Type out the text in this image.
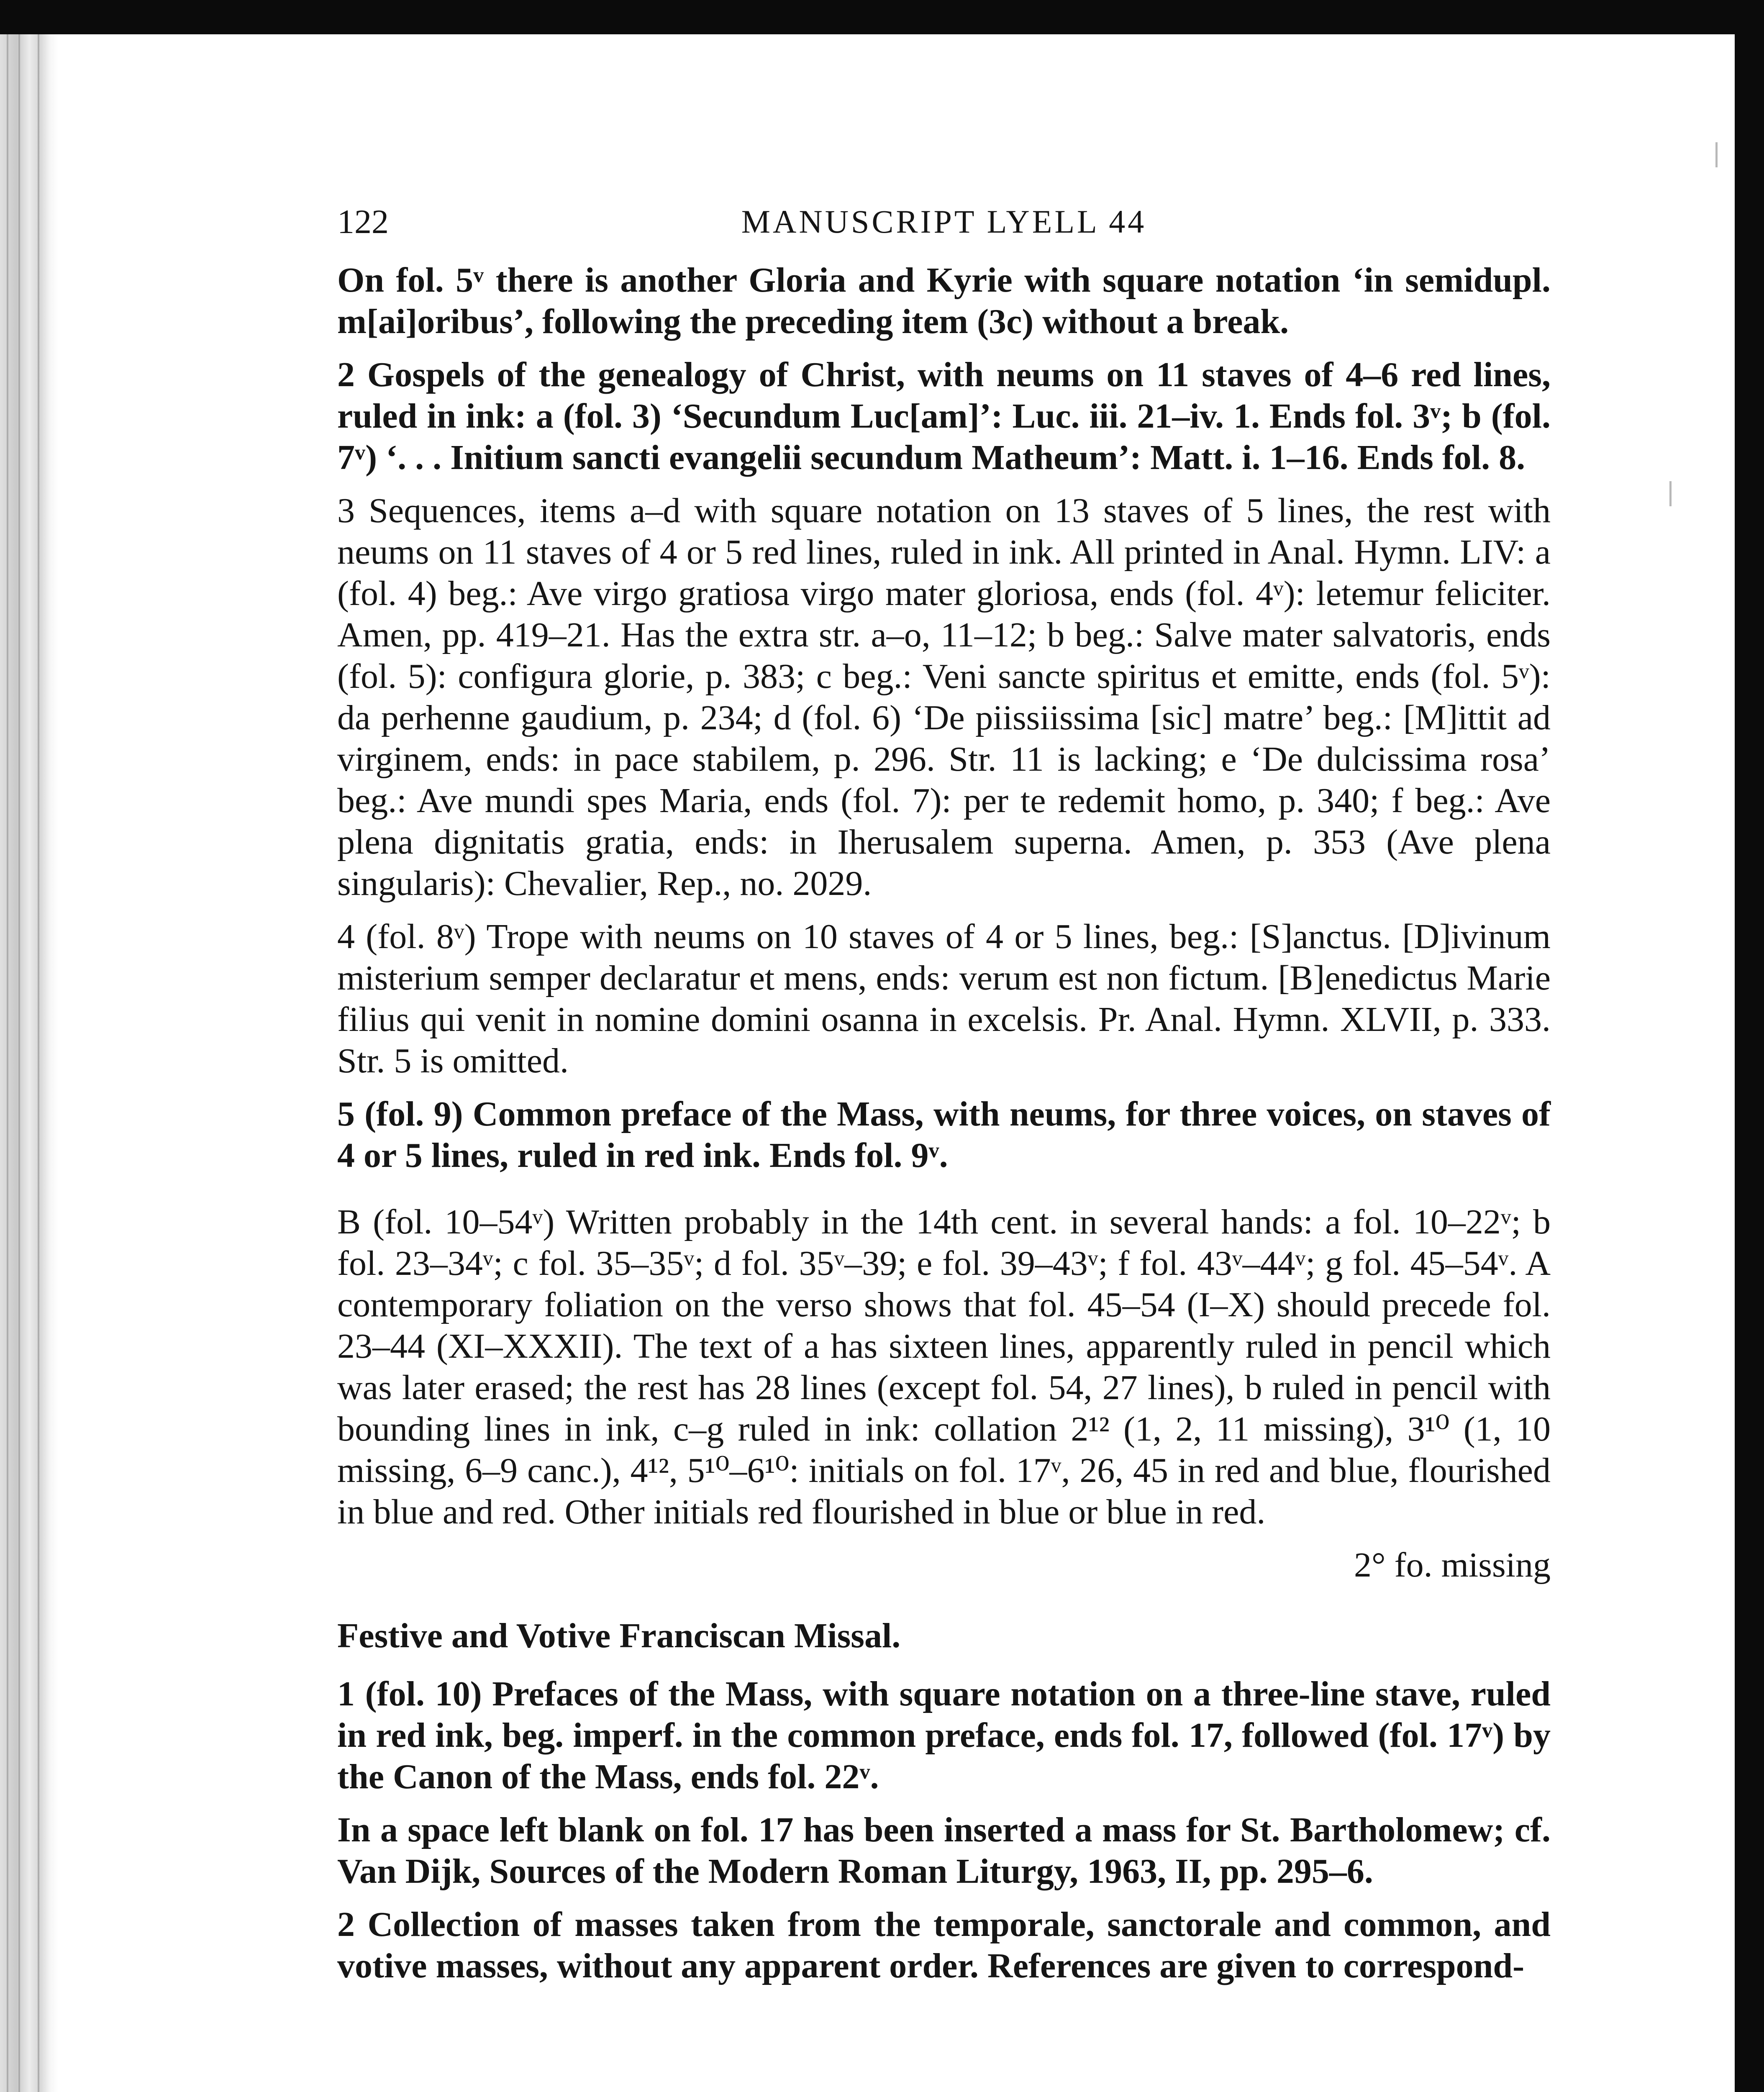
122	MANUSCRIPT LYELL 44

On fol. 5ᵛ there is another Gloria and Kyrie with square notation ‘in semidupl. m[ai]oribus’, following the preceding item (3c) without a break.

2 Gospels of the genealogy of Christ, with neums on 11 staves of 4–6 red lines, ruled in ink: a (fol. 3) ‘Secundum Luc[am]’: Luc. iii. 21–iv. 1. Ends fol. 3ᵛ; b (fol. 7ᵛ) ‘. . . Initium sancti evangelii secundum Matheum’: Matt. i. 1–16. Ends fol. 8.

3 Sequences, items a–d with square notation on 13 staves of 5 lines, the rest with neums on 11 staves of 4 or 5 red lines, ruled in ink. All printed in Anal. Hymn. LIV: a (fol. 4) beg.: Ave virgo gratiosa virgo mater gloriosa, ends (fol. 4ᵛ): letemur feliciter. Amen, pp. 419–21. Has the extra str. a–o, 11–12; b beg.: Salve mater salvatoris, ends (fol. 5): configura glorie, p. 383; c beg.: Veni sancte spiritus et emitte, ends (fol. 5ᵛ): da perhenne gaudium, p. 234; d (fol. 6) ‘De piissiissima [sic] matre’ beg.: [M]ittit ad virginem, ends: in pace stabilem, p. 296. Str. 11 is lacking; e ‘De dulcissima rosa’ beg.: Ave mundi spes Maria, ends (fol. 7): per te redemit homo, p. 340; f beg.: Ave plena dignitatis gratia, ends: in Iherusalem superna. Amen, p. 353 (Ave plena singularis): Chevalier, Rep., no. 2029.

4 (fol. 8ᵛ) Trope with neums on 10 staves of 4 or 5 lines, beg.: [S]anctus. [D]ivinum misterium semper declaratur et mens, ends: verum est non fictum. [B]enedictus Marie filius qui venit in nomine domini osanna in excelsis. Pr. Anal. Hymn. XLVII, p. 333. Str. 5 is omitted.

5 (fol. 9) Common preface of the Mass, with neums, for three voices, on staves of 4 or 5 lines, ruled in red ink. Ends fol. 9ᵛ.

B (fol. 10–54ᵛ) Written probably in the 14th cent. in several hands: a fol. 10–22ᵛ; b fol. 23–34ᵛ; c fol. 35–35ᵛ; d fol. 35ᵛ–39; e fol. 39–43ᵛ; f fol. 43ᵛ–44ᵛ; g fol. 45–54ᵛ. A contemporary foliation on the verso shows that fol. 45–54 (I–X) should precede fol. 23–44 (XI–XXXII). The text of a has sixteen lines, apparently ruled in pencil which was later erased; the rest has 28 lines (except fol. 54, 27 lines), b ruled in pencil with bounding lines in ink, c–g ruled in ink: collation 2¹² (1, 2, 11 missing), 3¹⁰ (1, 10 missing, 6–9 canc.), 4¹², 5¹⁰–6¹⁰: initials on fol. 17ᵛ, 26, 45 in red and blue, flourished in blue and red. Other initials red flourished in blue or blue in red.

2° fo. missing

Festive and Votive Franciscan Missal.

1 (fol. 10) Prefaces of the Mass, with square notation on a three-line stave, ruled in red ink, beg. imperf. in the common preface, ends fol. 17, followed (fol. 17ᵛ) by the Canon of the Mass, ends fol. 22ᵛ.

In a space left blank on fol. 17 has been inserted a mass for St. Bartholomew; cf. Van Dijk, Sources of the Modern Roman Liturgy, 1963, II, pp. 295–6.

2 Collection of masses taken from the temporale, sanctorale and common, and votive masses, without any apparent order. References are given to correspond-
